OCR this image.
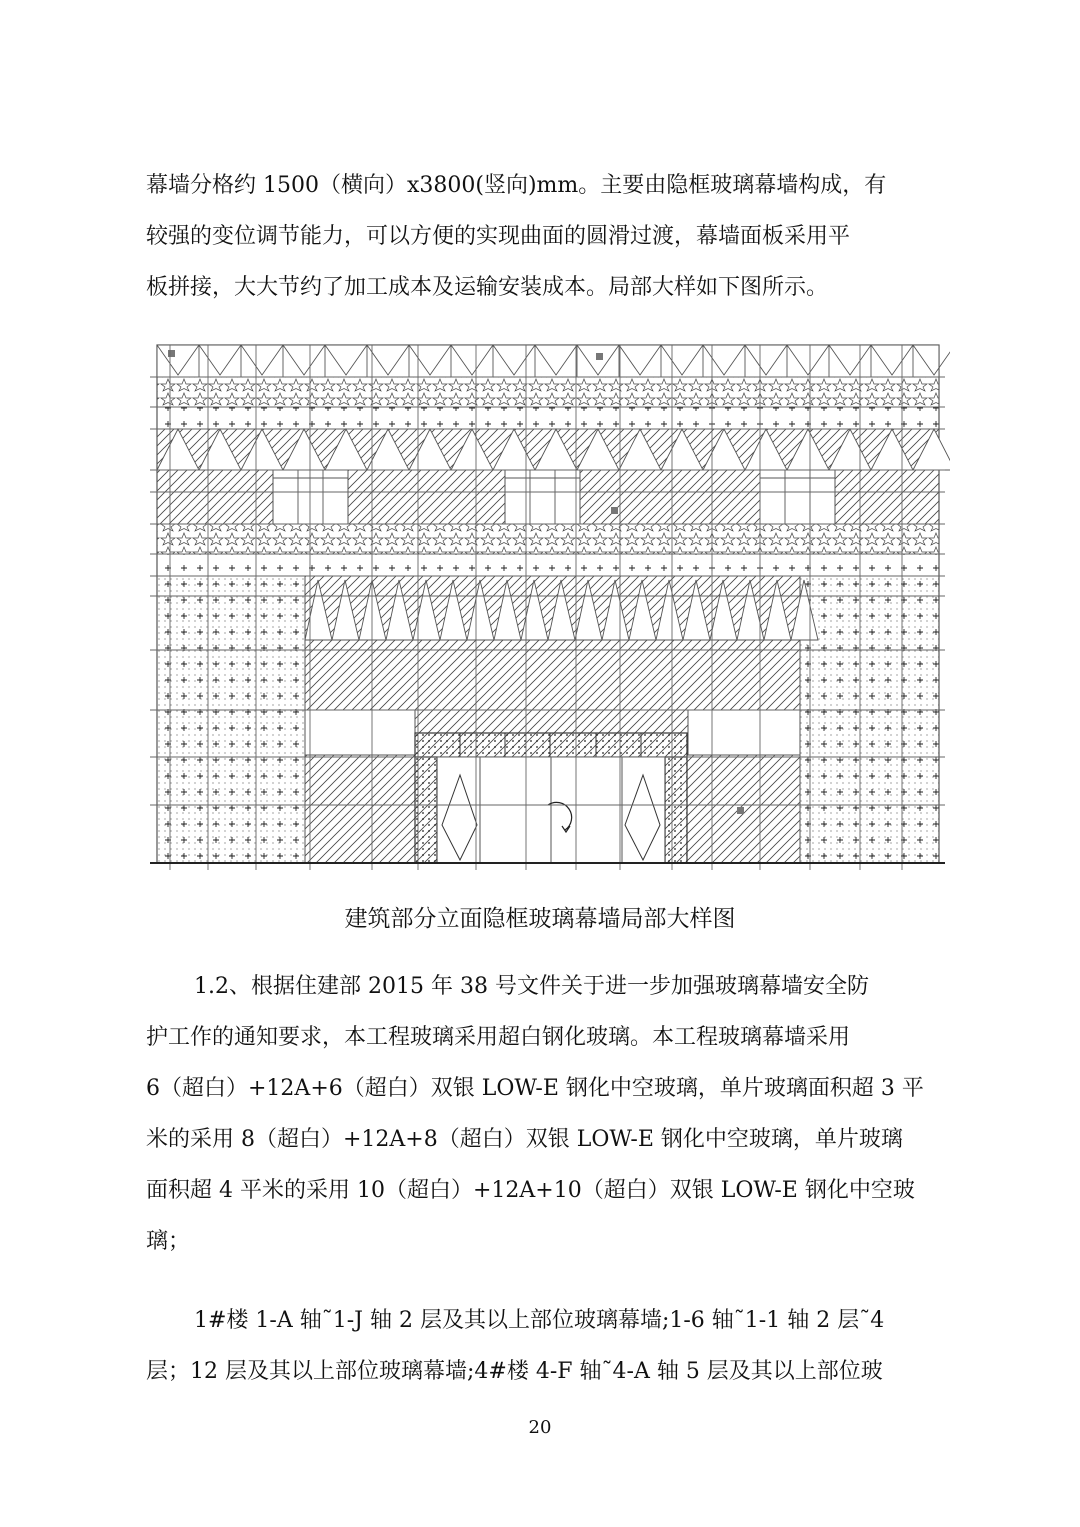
幕墙分格约 1500（横向）x3800(竖向)mm。主要由隐框玻璃幕墙构成，有
较强的变位调节能力，可以方便的实现曲面的圆滑过渡，幕墙面板采用平
板拼接，大大节约了加工成本及运输安装成本。局部大样如下图所示。

建筑部分立面隐框玻璃幕墙局部大样图

1.2、根据住建部 2015 年 38 号文件关于进一步加强玻璃幕墙安全防
护工作的通知要求，本工程玻璃采用超白钢化玻璃。本工程玻璃幕墙采用
6（超白）+12A+6（超白）双银 LOW-E 钢化中空玻璃，单片玻璃面积超 3 平
米的采用 8（超白）+12A+8（超白）双银 LOW-E 钢化中空玻璃，单片玻璃
面积超 4 平米的采用 10（超白）+12A+10（超白）双银 LOW-E 钢化中空玻
璃；
1#楼 1-A 轴˜1-J 轴 2 层及其以上部位玻璃幕墙;1-6 轴˜1-1 轴 2 层˜4
层；12 层及其以上部位玻璃幕墙;4#楼 4-F 轴˜4-A 轴 5 层及其以上部位玻

20
